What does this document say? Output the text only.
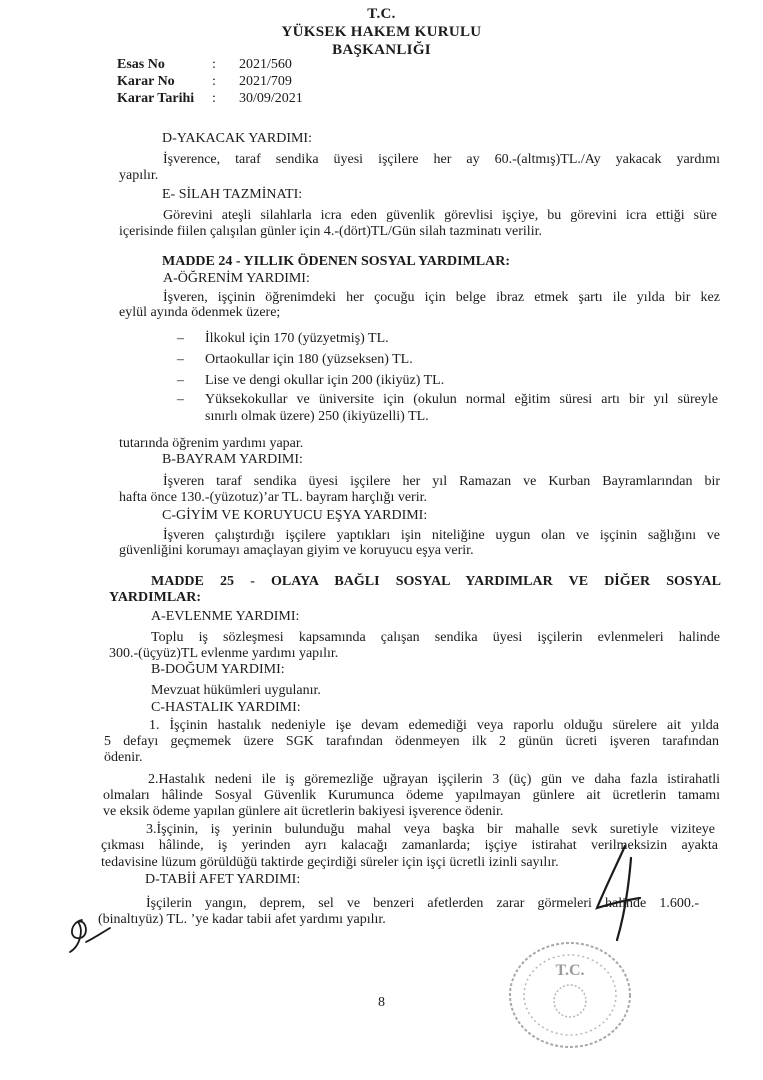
T.C.
YÜKSEK HAKEM KURULU
BAŞKANLIĞI
Esas No	: 2021/560
Karar No	: 2021/709
Karar Tarihi : 30/09/2021
D-YAKACAK YARDIMI:
İşverence, taraf sendika üyesi işçilere her ay 60.-(altmış)TL./Ay yakacak yardımı
yapılır.
E- SİLAH TAZMİNATI:
Görevini ateşli silahlarla icra eden güvenlik görevlisi işçiye, bu görevini icra ettiği süre
içerisinde fiilen çalışılan günler için 4.-(dört)TL/Gün silah tazminatı verilir.
MADDE 24 - YILLIK ÖDENEN SOSYAL YARDIMLAR:
A-ÖĞRENİM YARDIMI:
İşveren, işçinin öğrenimdeki her çocuğu için belge ibraz etmek şartı ile yılda bir kez
eylül ayında ödenmek üzere;
– İlkokul için 170 (yüzyetmiş) TL.
– Ortaokullar için 180 (yüzseksen) TL.
– Lise ve dengi okullar için 200 (ikiyüz) TL.
– Yüksekokullar ve üniversite için (okulun normal eğitim süresi artı bir yıl süreyle
sınırlı olmak üzere) 250 (ikiyüzelli) TL.
tutarında öğrenim yardımı yapar.
B-BAYRAM YARDIMI:
İşveren taraf sendika üyesi işçilere her yıl Ramazan ve Kurban Bayramlarından bir
hafta önce 130.-(yüzotuz)’ar TL. bayram harçlığı verir.
C-GİYİM VE KORUYUCU EŞYA YARDIMI:
İşveren çalıştırdığı işçilere yaptıkları işin niteliğine uygun olan ve işçinin sağlığını ve
güvenliğini korumayı amaçlayan giyim ve koruyucu eşya verir.
MADDE 25 - OLAYA BAĞLI SOSYAL YARDIMLAR VE DİĞER SOSYAL
YARDIMLAR:
A-EVLENME YARDIMI:
Toplu iş sözleşmesi kapsamında çalışan sendika üyesi işçilerin evlenmeleri halinde
300.-(üçyüz)TL evlenme yardımı yapılır.
B-DOĞUM YARDIMI:
Mevzuat hükümleri uygulanır.
C-HASTALIK YARDIMI:
1. İşçinin hastalık nedeniyle işe devam edemediği veya raporlu olduğu sürelere ait yılda
5 defayı geçmemek üzere SGK tarafından ödenmeyen ilk 2 günün ücreti işveren tarafından
ödenir.
2.Hastalık nedeni ile iş göremezliğe uğrayan işçilerin 3 (üç) gün ve daha fazla istirahatli
olmaları hâlinde Sosyal Güvenlik Kurumunca ödeme yapılmayan günlere ait ücretlerin tamamı
ve eksik ödeme yapılan günlere ait ücretlerin bakiyesi işverence ödenir.
3.İşçinin, iş yerinin bulunduğu mahal veya başka bir mahalle sevk suretiyle viziteye
çıkması hâlinde, iş yerinden ayrı kalacağı zamanlarda; işçiye istirahat verilmeksizin ayakta
tedavisine lüzum görüldüğü taktirde geçirdiği süreler için işçi ücretli izinli sayılır.
D-TABİİ AFET YARDIMI:
İşçilerin yangın, deprem, sel ve benzeri afetlerden zarar görmeleri halinde 1.600.-
(binaltıyüz) TL. ’ye kadar tabii afet yardımı yapılır.
T.C.
8
